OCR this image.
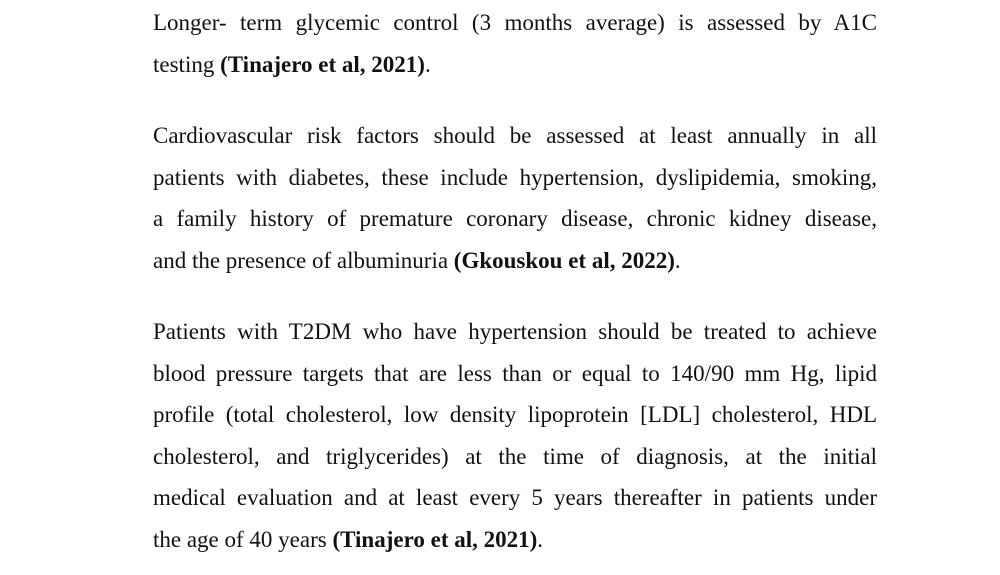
Longer- term glycemic control (3 months average) is assessed by A1C
testing (Tinajero et al, 2021).
Cardiovascular risk factors should be assessed at least annually in all
patients with diabetes, these include hypertension, dyslipidemia, smoking,
a family history of premature coronary disease, chronic kidney disease,
and the presence of albuminuria (Gkouskou et al, 2022).
Patients with T2DM who have hypertension should be treated to achieve
blood pressure targets that are less than or equal to 140/90 mm Hg, lipid
profile (total cholesterol, low density lipoprotein [LDL] cholesterol, HDL
cholesterol, and triglycerides) at the time of diagnosis, at the initial
medical evaluation and at least every 5 years thereafter in patients under
the age of 40 years (Tinajero et al, 2021).
